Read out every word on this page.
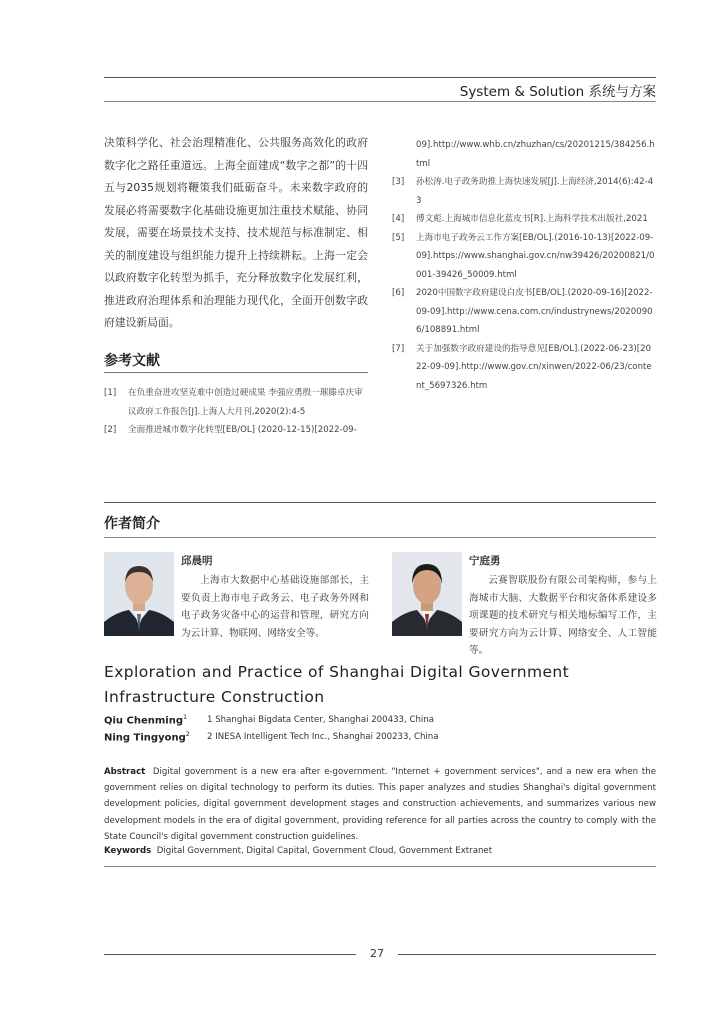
System & Solution 系统与方案
决策科学化、社会治理精准化、公共服务高效化的政府数字化之路任重道远。上海全面建成“数字之都”的十四五与2035规划将鞭策我们砥砺奋斗。未来数字政府的发展必将需要数字化基础设施更加注重技术赋能、协同发展，需要在场景技术支持、技术规范与标准制定、相关的制度建设与组织能力提升上持续耕耘。上海一定会以政府数字化转型为抓手，充分释放数字化发展红利，推进政府治理体系和治理能力现代化，全面开创数字政府建设新局面。
参考文献
[1] 在负重奋进攻坚克难中创造过硬成果 李强应勇殷一璀滕卓庆审议政府工作报告[J].上海人大月刊,2020(2):4-5
[2] 全面推进城市数字化转型[EB/OL] (2020-12-15)[2022-09-
09].http://www.whb.cn/zhuzhan/cs/20201215/384256.html
[3] 孙松涛.电子政务助推上海快速发展[J].上海经济,2014(6):42-43
[4] 傅文彪.上海城市信息化蓝皮书[R].上海科学技术出版社,2021
[5] 上海市电子政务云工作方案[EB/OL].(2016-10-13)[2022-09-09].https://www.shanghai.gov.cn/nw39426/20200821/0001-39426_50009.html
[6] 2020中国数字政府建设白皮书[EB/OL].(2020-09-16)[2022-09-09].http://www.cena.com.cn/industrynews/20200906/108891.html
[7] 关于加强数字政府建设的指导意见[EB/OL].(2022-06-23)[2022-09-09].http://www.gov.cn/xinwen/2022-06/23/content_5697326.htm
作者简介
邱晨明
上海市大数据中心基础设施部部长，主要负责上海市电子政务云、电子政务外网和电子政务灾备中心的运营和管理，研究方向为云计算、物联网、网络安全等。
宁庭勇
云赛智联股份有限公司架构师，参与上海城市大脑、大数据平台和灾备体系建设多项课题的技术研究与相关地标编写工作，主要研究方向为云计算、网络安全、人工智能等。
Exploration and Practice of Shanghai Digital Government Infrastructure Construction
Qiu Chenming$^1$ 1 Shanghai Bigdata Center, Shanghai 200433, China
Ning Tingyong$^2$ 2 INESA Intelligent Tech Inc., Shanghai 200233, China
Abstract Digital government is a new era after e-government. "Internet + government services", and a new era when the government relies on digital technology to perform its duties. This paper analyzes and studies Shanghai's digital government development policies, digital government development stages and construction achievements, and summarizes various new development models in the era of digital government, providing reference for all parties across the country to comply with the State Council's digital government construction guidelines.
Keywords Digital Government, Digital Capital, Government Cloud, Government Extranet
27
